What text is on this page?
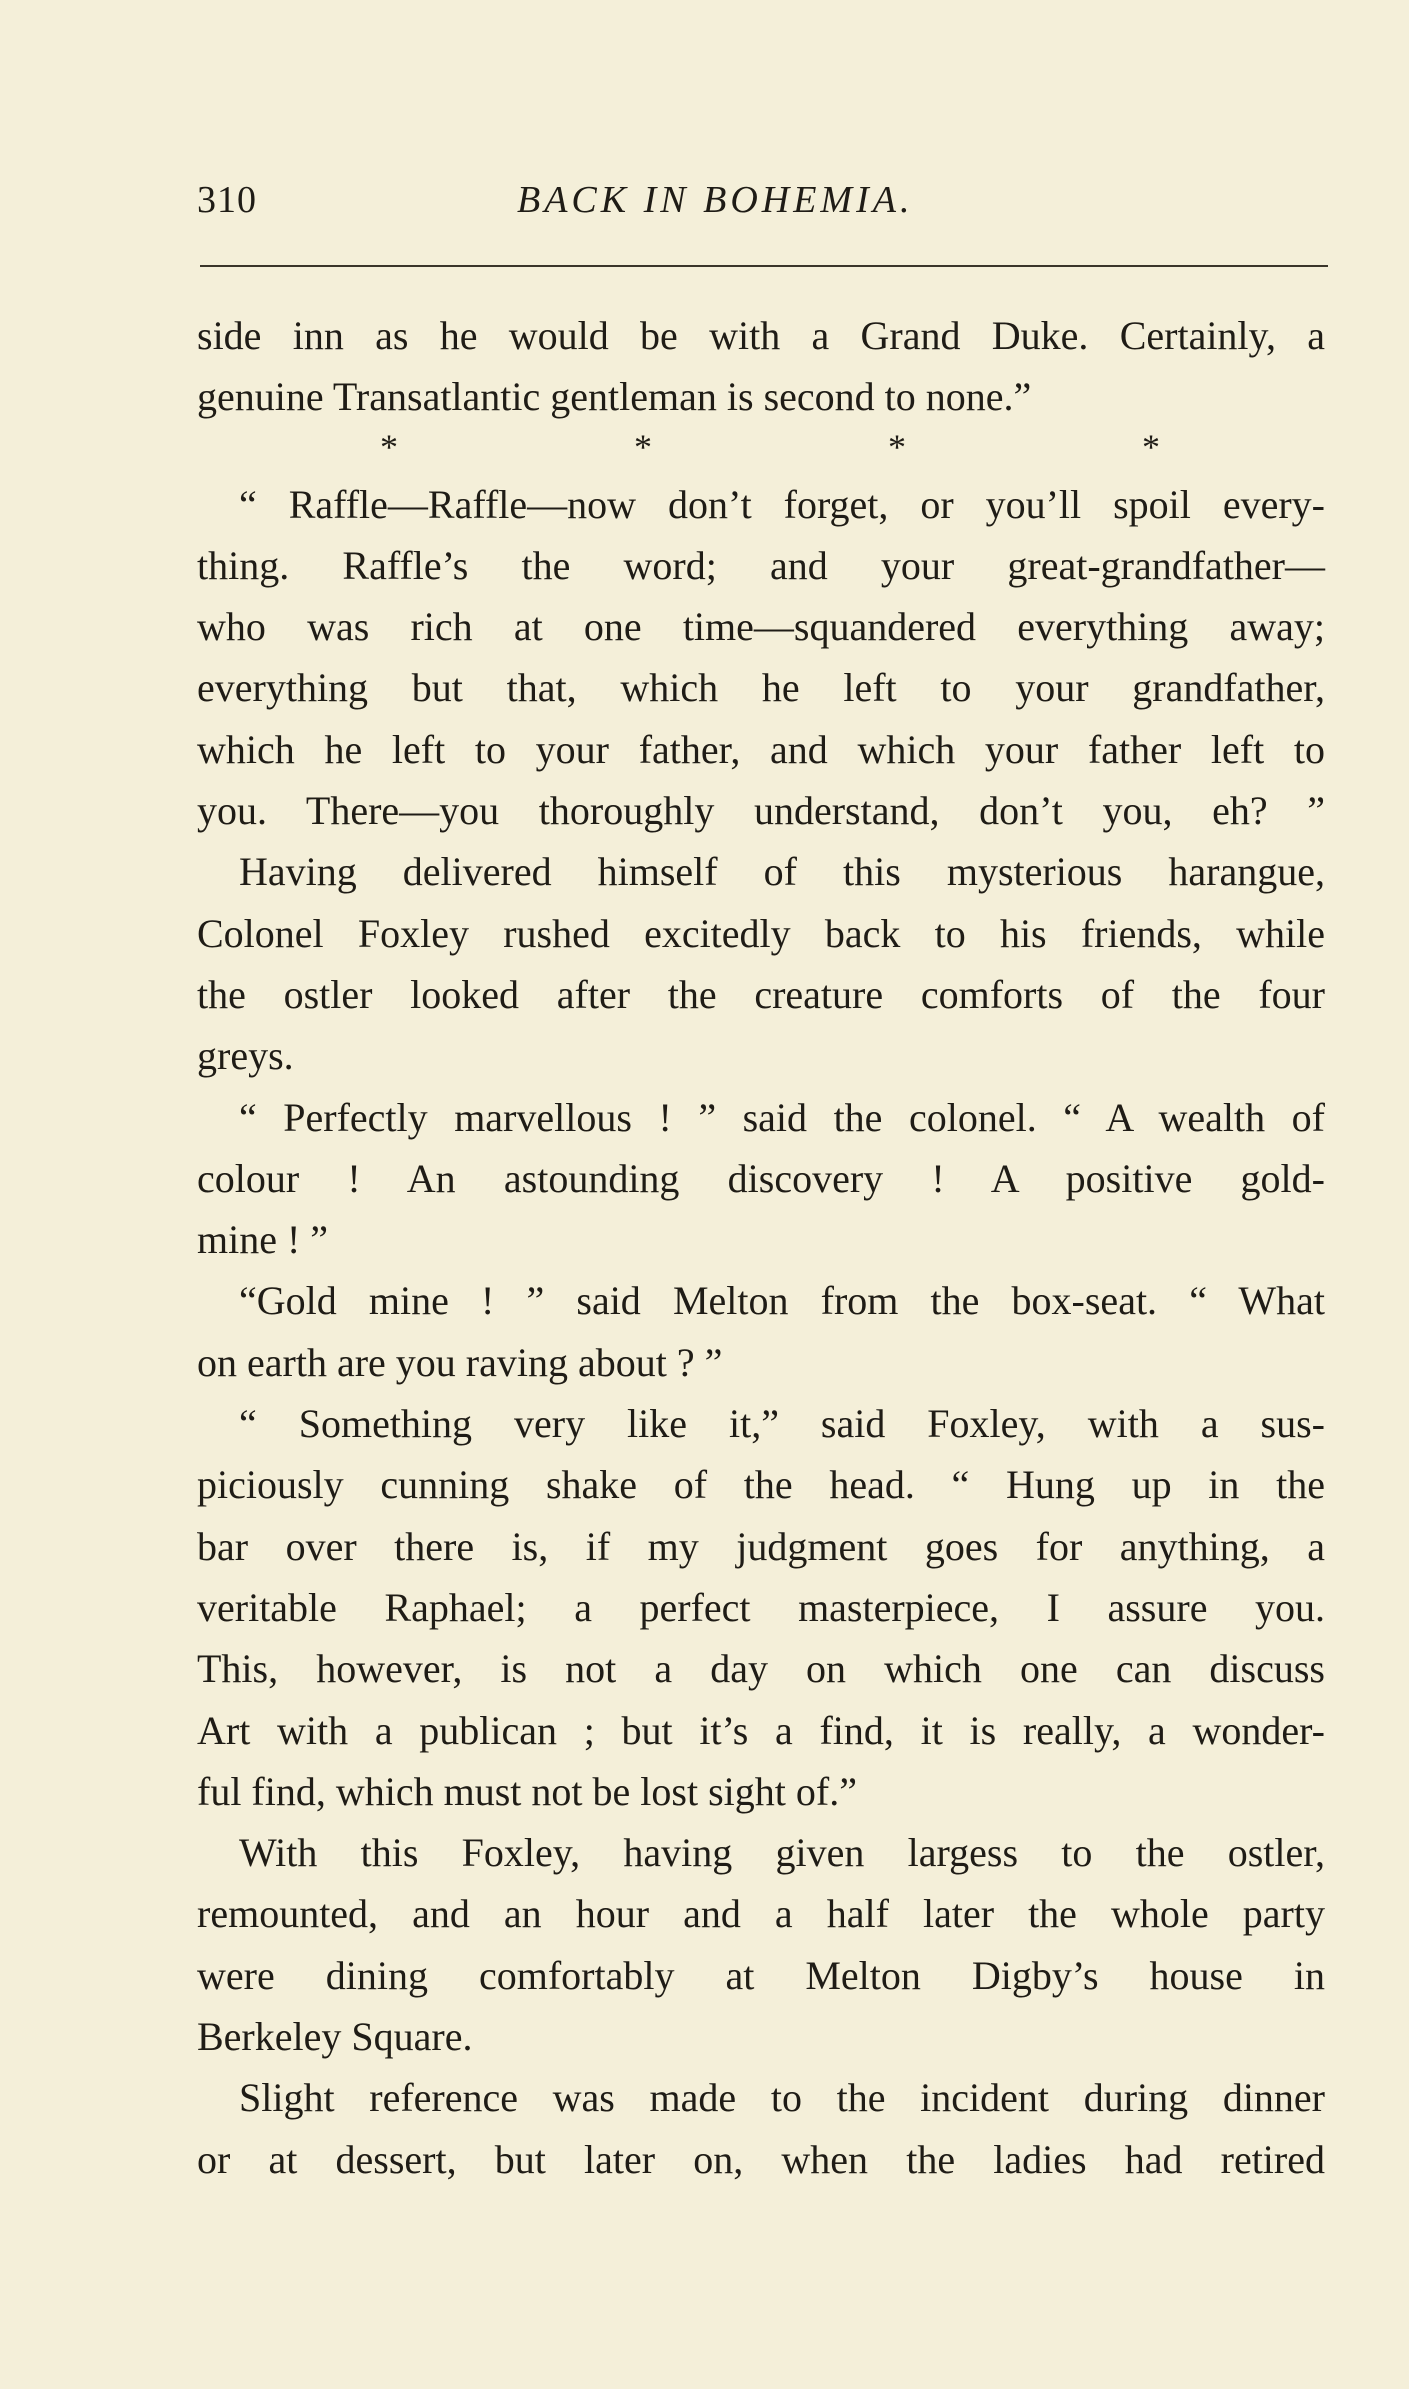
310	BACK IN BOHEMIA.
side inn as he would be with a Grand Duke. Certainly, a
genuine Transatlantic gentleman is second to none.”
*	*	*	*
“ Raffle—Raffle—now don’t forget, or you’ll spoil every-
thing. Raffle’s the word; and your great-grandfather—
who was rich at one time—squandered everything away;
everything but that, which he left to your grandfather,
which he left to your father, and which your father left to
you. There—you thoroughly understand, don’t you, eh? ”
Having delivered himself of this mysterious harangue,
Colonel Foxley rushed excitedly back to his friends, while
the ostler looked after the creature comforts of the four
greys.
“ Perfectly marvellous ! ” said the colonel. “ A wealth of
colour ! An astounding discovery ! A positive gold-
mine ! ”
“Gold mine ! ” said Melton from the box-seat. “ What
on earth are you raving about ? ”
“ Something very like it,” said Foxley, with a sus-
piciously cunning shake of the head. “ Hung up in the
bar over there is, if my judgment goes for anything, a
veritable Raphael; a perfect masterpiece, I assure you.
This, however, is not a day on which one can discuss
Art with a publican ; but it’s a find, it is really, a wonder-
ful find, which must not be lost sight of.”
With this Foxley, having given largess to the ostler,
remounted, and an hour and a half later the whole party
were dining comfortably at Melton Digby’s house in
Berkeley Square.
Slight reference was made to the incident during dinner
or at dessert, but later on, when the ladies had retired
